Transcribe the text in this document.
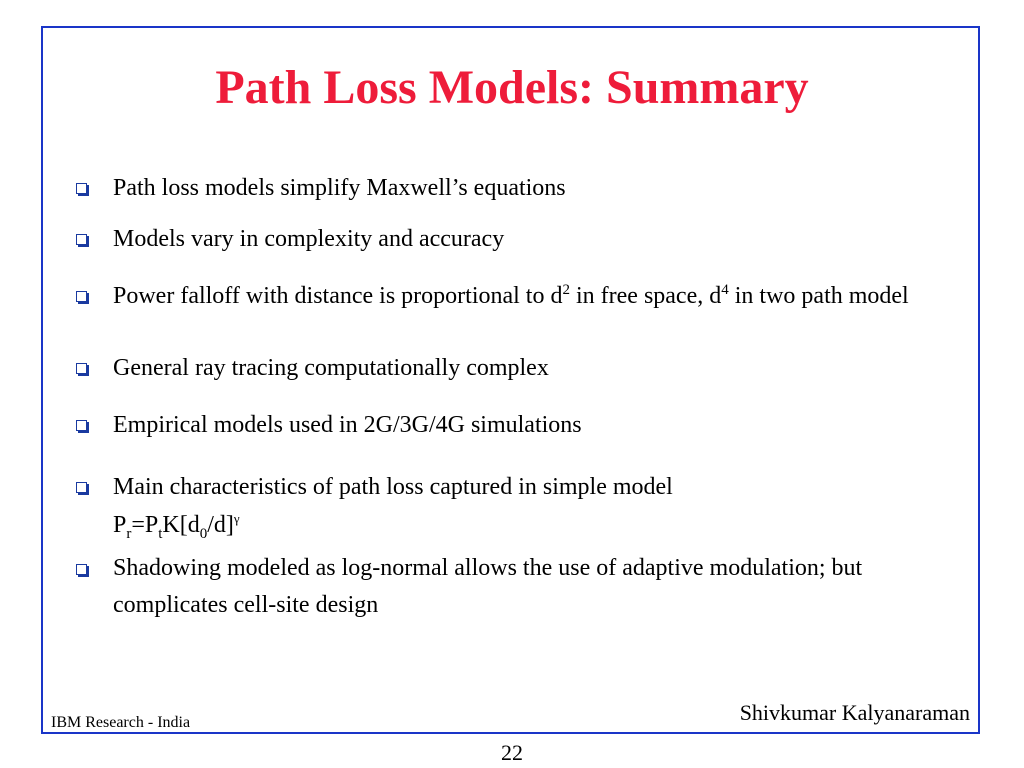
Path Loss Models: Summary
Path loss models simplify Maxwell’s equations
Models vary in complexity and accuracy
Power falloff with distance is proportional to $d^2$ in free space, $d^4$ in two path model
General ray tracing computationally complex
Empirical models used in 2G/3G/4G simulations
Main characteristics of path loss captured in simple model
$P_r=P_tK[d_0/d]^\gamma$
Shadowing modeled as log-normal allows the use of adaptive modulation; but complicates cell-site design
IBM Research - India	Shivkumar Kalyanaraman
22
